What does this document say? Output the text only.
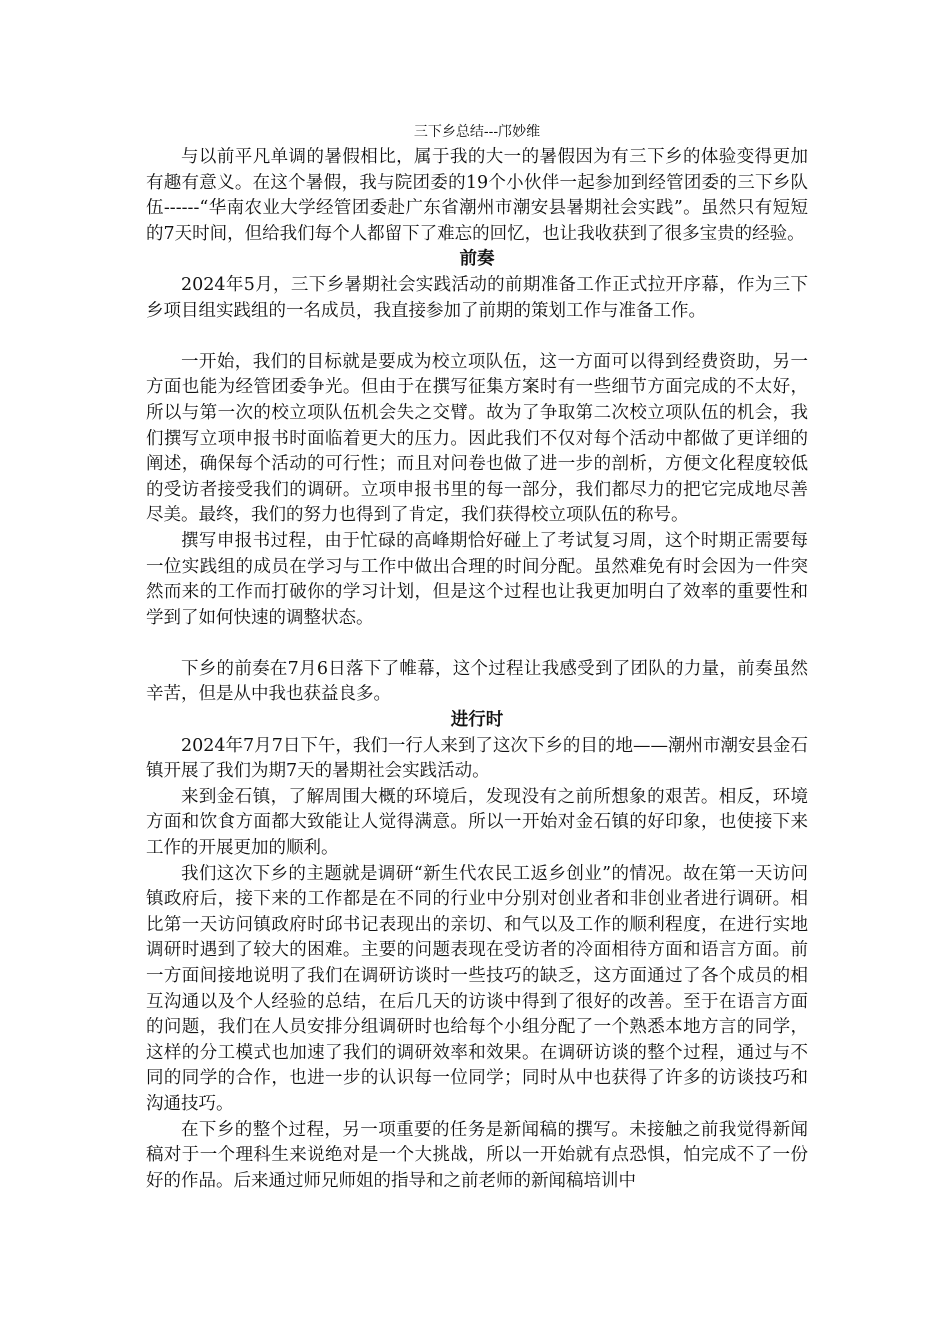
三下乡总结---邝妙维

与以前平凡单调的暑假相比，属于我的大一的暑假因为有三下乡的体验变得更加有趣有意义。在这个暑假，我与院团委的19个小伙伴一起参加到经管团委的三下乡队伍------“华南农业大学经管团委赴广东省潮州市潮安县暑期社会实践”。虽然只有短短的7天时间，但给我们每个人都留下了难忘的回忆，也让我收获到了很多宝贵的经验。

前奏

2024年5月，三下乡暑期社会实践活动的前期准备工作正式拉开序幕，作为三下乡项目组实践组的一名成员，我直接参加了前期的策划工作与准备工作。

一开始，我们的目标就是要成为校立项队伍，这一方面可以得到经费资助，另一方面也能为经管团委争光。但由于在撰写征集方案时有一些细节方面完成的不太好，所以与第一次的校立项队伍机会失之交臂。故为了争取第二次校立项队伍的机会，我们撰写立项申报书时面临着更大的压力。因此我们不仅对每个活动中都做了更详细的阐述，确保每个活动的可行性；而且对问卷也做了进一步的剖析，方便文化程度较低的受访者接受我们的调研。立项申报书里的每一部分，我们都尽力的把它完成地尽善尽美。最终，我们的努力也得到了肯定，我们获得校立项队伍的称号。

撰写申报书过程，由于忙碌的高峰期恰好碰上了考试复习周，这个时期正需要每一位实践组的成员在学习与工作中做出合理的时间分配。虽然难免有时会因为一件突然而来的工作而打破你的学习计划，但是这个过程也让我更加明白了效率的重要性和学到了如何快速的调整状态。

下乡的前奏在7月6日落下了帷幕，这个过程让我感受到了团队的力量，前奏虽然辛苦，但是从中我也获益良多。

进行时

2024年7月7日下午，我们一行人来到了这次下乡的目的地——潮州市潮安县金石镇开展了我们为期7天的暑期社会实践活动。

来到金石镇，了解周围大概的环境后，发现没有之前所想象的艰苦。相反，环境方面和饮食方面都大致能让人觉得满意。所以一开始对金石镇的好印象，也使接下来工作的开展更加的顺利。

我们这次下乡的主题就是调研“新生代农民工返乡创业”的情况。故在第一天访问镇政府后，接下来的工作都是在不同的行业中分别对创业者和非创业者进行调研。相比第一天访问镇政府时邱书记表现出的亲切、和气以及工作的顺利程度，在进行实地调研时遇到了较大的困难。主要的问题表现在受访者的冷面相待方面和语言方面。前一方面间接地说明了我们在调研访谈时一些技巧的缺乏，这方面通过了各个成员的相互沟通以及个人经验的总结，在后几天的访谈中得到了很好的改善。至于在语言方面的问题，我们在人员安排分组调研时也给每个小组分配了一个熟悉本地方言的同学，这样的分工模式也加速了我们的调研效率和效果。在调研访谈的整个过程，通过与不同的同学的合作，也进一步的认识每一位同学；同时从中也获得了许多的访谈技巧和沟通技巧。

在下乡的整个过程，另一项重要的任务是新闻稿的撰写。未接触之前我觉得新闻稿对于一个理科生来说绝对是一个大挑战，所以一开始就有点恐惧，怕完成不了一份好的作品。后来通过师兄师姐的指导和之前老师的新闻稿培训中
